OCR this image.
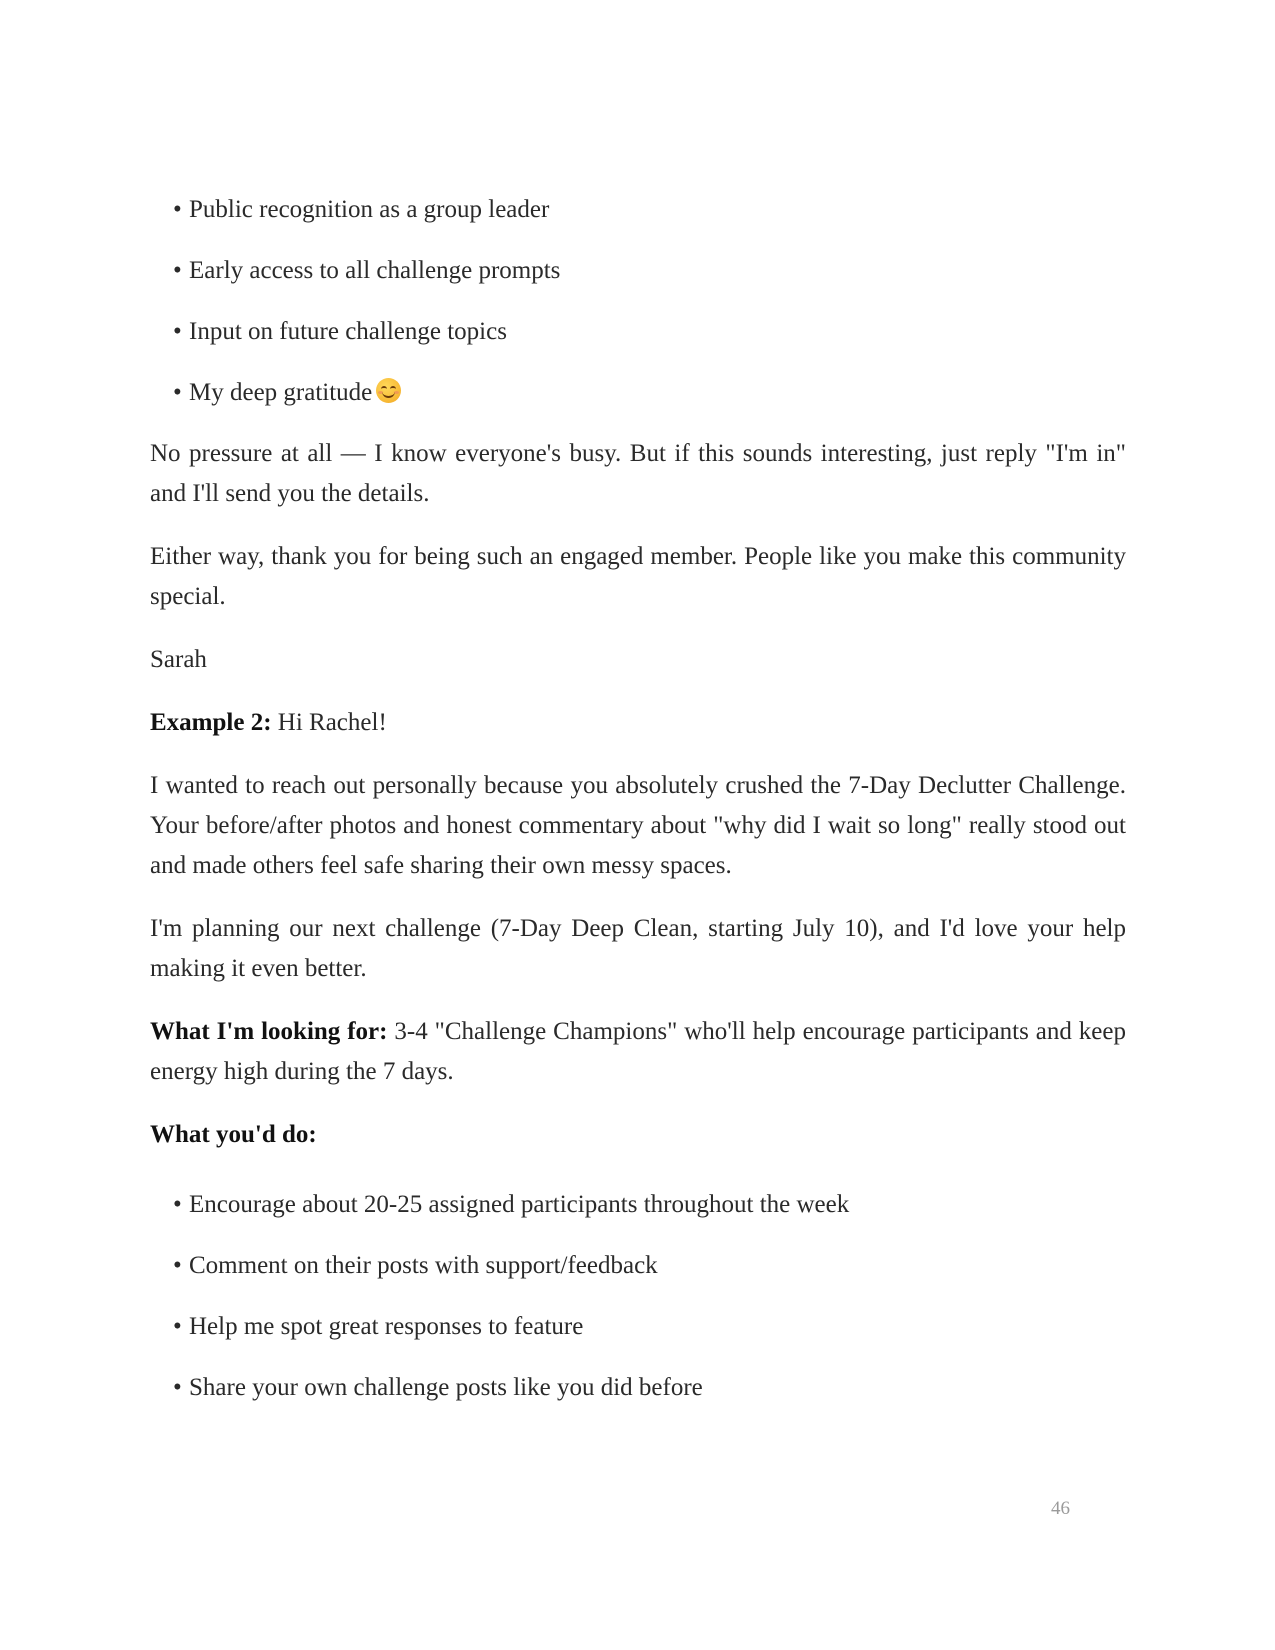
• Public recognition as a group leader
• Early access to all challenge prompts
• Input on future challenge topics
• My deep gratitude

No pressure at all — I know everyone's busy. But if this sounds interesting, just reply "I'm in" and I'll send you the details.

Either way, thank you for being such an engaged member. People like you make this community special.

Sarah

Example 2: Hi Rachel!

I wanted to reach out personally because you absolutely crushed the 7-Day Declutter Challenge. Your before/after photos and honest commentary about "why did I wait so long" really stood out and made others feel safe sharing their own messy spaces.

I'm planning our next challenge (7-Day Deep Clean, starting July 10), and I'd love your help making it even better.

What I'm looking for: 3-4 "Challenge Champions" who'll help encourage participants and keep energy high during the 7 days.

What you'd do:

• Encourage about 20-25 assigned participants throughout the week
• Comment on their posts with support/feedback
• Help me spot great responses to feature
• Share your own challenge posts like you did before
46
